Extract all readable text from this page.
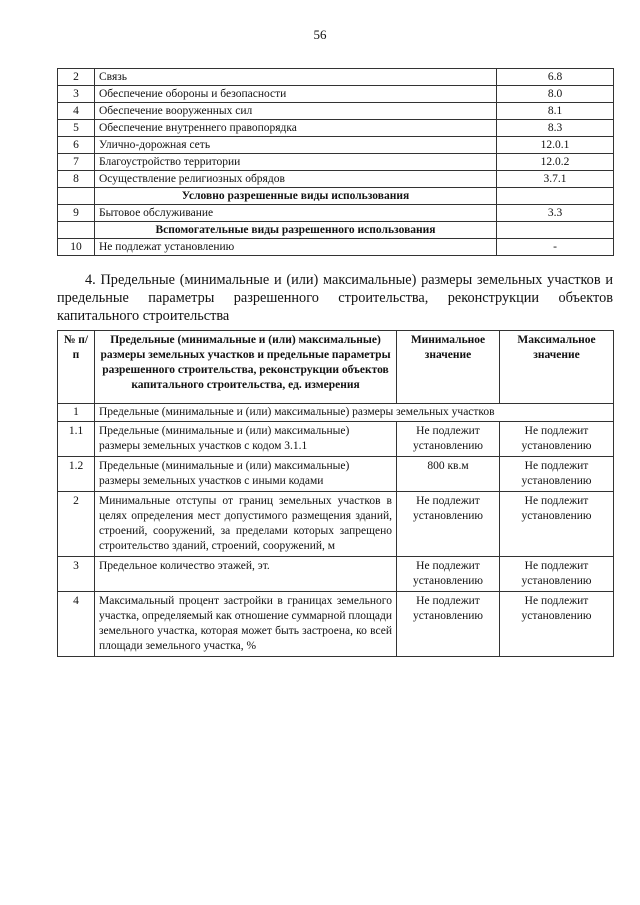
56
2	Связь	6.8
3	Обеспечение обороны и безопасности	8.0
4	Обеспечение вооруженных сил	8.1
5	Обеспечение внутреннего правопорядка	8.3
6	Улично-дорожная сеть	12.0.1
7	Благоустройство территории	12.0.2
8	Осуществление религиозных обрядов	3.7.1
	Условно разрешенные виды использования	
9	Бытовое обслуживание	3.3
	Вспомогательные виды разрешенного использования	
10	Не подлежат установлению	-

4. Предельные (минимальные и (или) максимальные) размеры земельных участков и предельные параметры разрешенного строительства, реконструкции объектов капитального строительства

№ п/п	Предельные (минимальные и (или) максимальные) размеры земельных участков и предельные параметры разрешенного строительства, реконструкции объектов капитального строительства, ед. измерения	Минимальное значение	Максимальное значение
1	Предельные (минимальные и (или) максимальные) размеры земельных участков		
1.1	Предельные (минимальные и (или) максимальные) размеры земельных участков с кодом 3.1.1	Не подлежит установлению	Не подлежит установлению
1.2	Предельные (минимальные и (или) максимальные) размеры земельных участков с иными кодами	800 кв.м	Не подлежит установлению
2	Минимальные отступы от границ земельных участков в целях определения мест допустимого размещения зданий, строений, сооружений, за пределами которых запрещено строительство зданий, строений, сооружений, м	Не подлежит установлению	Не подлежит установлению
3	Предельное количество этажей, эт.	Не подлежит установлению	Не подлежит установлению
4	Максимальный процент застройки в границах земельного участка, определяемый как отношение суммарной площади земельного участка, которая может быть застроена, ко всей площади земельного участка, %	Не подлежит установлению	Не подлежит установлению
